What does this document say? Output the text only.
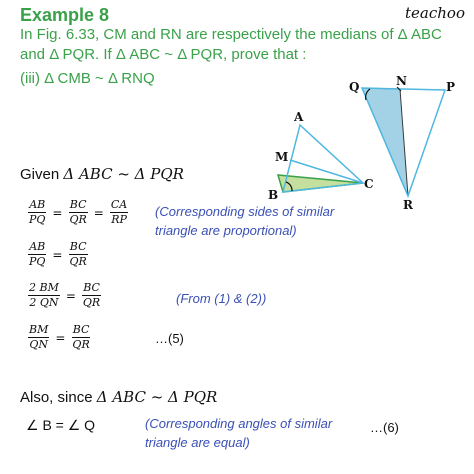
Example 8	teachoo
In Fig. 6.33, CM and RN are respectively the medians of Δ ABC
and Δ PQR. If Δ ABC ~ Δ PQR, prove that :
(iii) Δ CMB ~ Δ RNQ
A
M
B
C
Q	N	P
R
Given Δ ABC ~ Δ PQR
$\frac{AB}{PQ} = \frac{BC}{QR} = \frac{CA}{RP}$ (Corresponding sides of similar
triangle are proportional)
$\frac{AB}{PQ} = \frac{BC}{QR}$
$\frac{2 BM}{2 QN} = \frac{BC}{QR}$	(From (1) & (2))
$\frac{BM}{QN} = \frac{BC}{QR}$	…(5)
Also, since Δ ABC ~ Δ PQR
∠ B = ∠ Q	(Corresponding angles of similar
triangle are equal)
…(6)
